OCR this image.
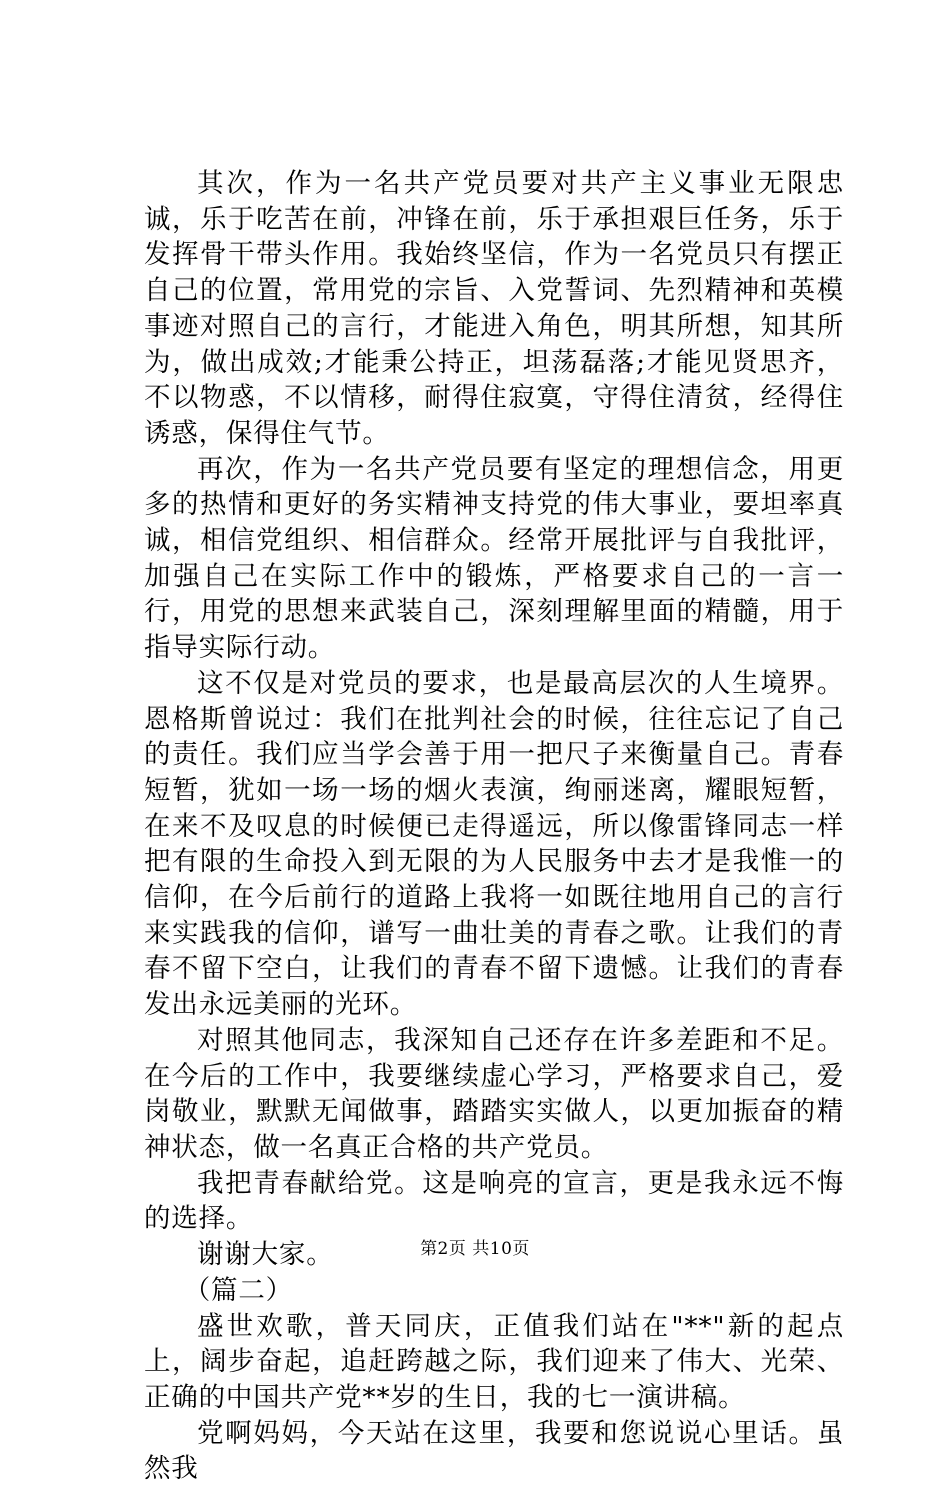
其次，作为一名共产党员要对共产主义事业无限忠诚，乐于吃苦在前，冲锋在前，乐于承担艰巨任务，乐于发挥骨干带头作用。我始终坚信，作为一名党员只有摆正自己的位置，常用党的宗旨、入党誓词、先烈精神和英模事迹对照自己的言行，才能进入角色，明其所想，知其所为，做出成效;才能秉公持正，坦荡磊落;才能见贤思齐，不以物惑，不以情移，耐得住寂寞，守得住清贫，经得住诱惑，保得住气节。

再次，作为一名共产党员要有坚定的理想信念，用更多的热情和更好的务实精神支持党的伟大事业，要坦率真诚，相信党组织、相信群众。经常开展批评与自我批评，加强自己在实际工作中的锻炼，严格要求自己的一言一行，用党的思想来武装自己，深刻理解里面的精髓，用于指导实际行动。

这不仅是对党员的要求，也是最高层次的人生境界。恩格斯曾说过：我们在批判社会的时候，往往忘记了自己的责任。我们应当学会善于用一把尺子来衡量自己。青春短暂，犹如一场一场的烟火表演，绚丽迷离，耀眼短暂，在来不及叹息的时候便已走得遥远，所以像雷锋同志一样把有限的生命投入到无限的为人民服务中去才是我惟一的信仰，在今后前行的道路上我将一如既往地用自己的言行来实践我的信仰，谱写一曲壮美的青春之歌。让我们的青春不留下空白，让我们的青春不留下遗憾。让我们的青春发出永远美丽的光环。

对照其他同志，我深知自己还存在许多差距和不足。在今后的工作中，我要继续虚心学习，严格要求自己，爱岗敬业，默默无闻做事，踏踏实实做人，以更加振奋的精神状态，做一名真正合格的共产党员。

我把青春献给党。这是响亮的宣言，更是我永远不悔的选择。

谢谢大家。

（篇二）

盛世欢歌，普天同庆，正值我们站在"**"新的起点上，阔步奋起，追赶跨越之际，我们迎来了伟大、光荣、正确的中国共产党**岁的生日，我的七一演讲稿。

党啊妈妈，今天站在这里，我要和您说说心里话。虽然我

第2页 共10页
